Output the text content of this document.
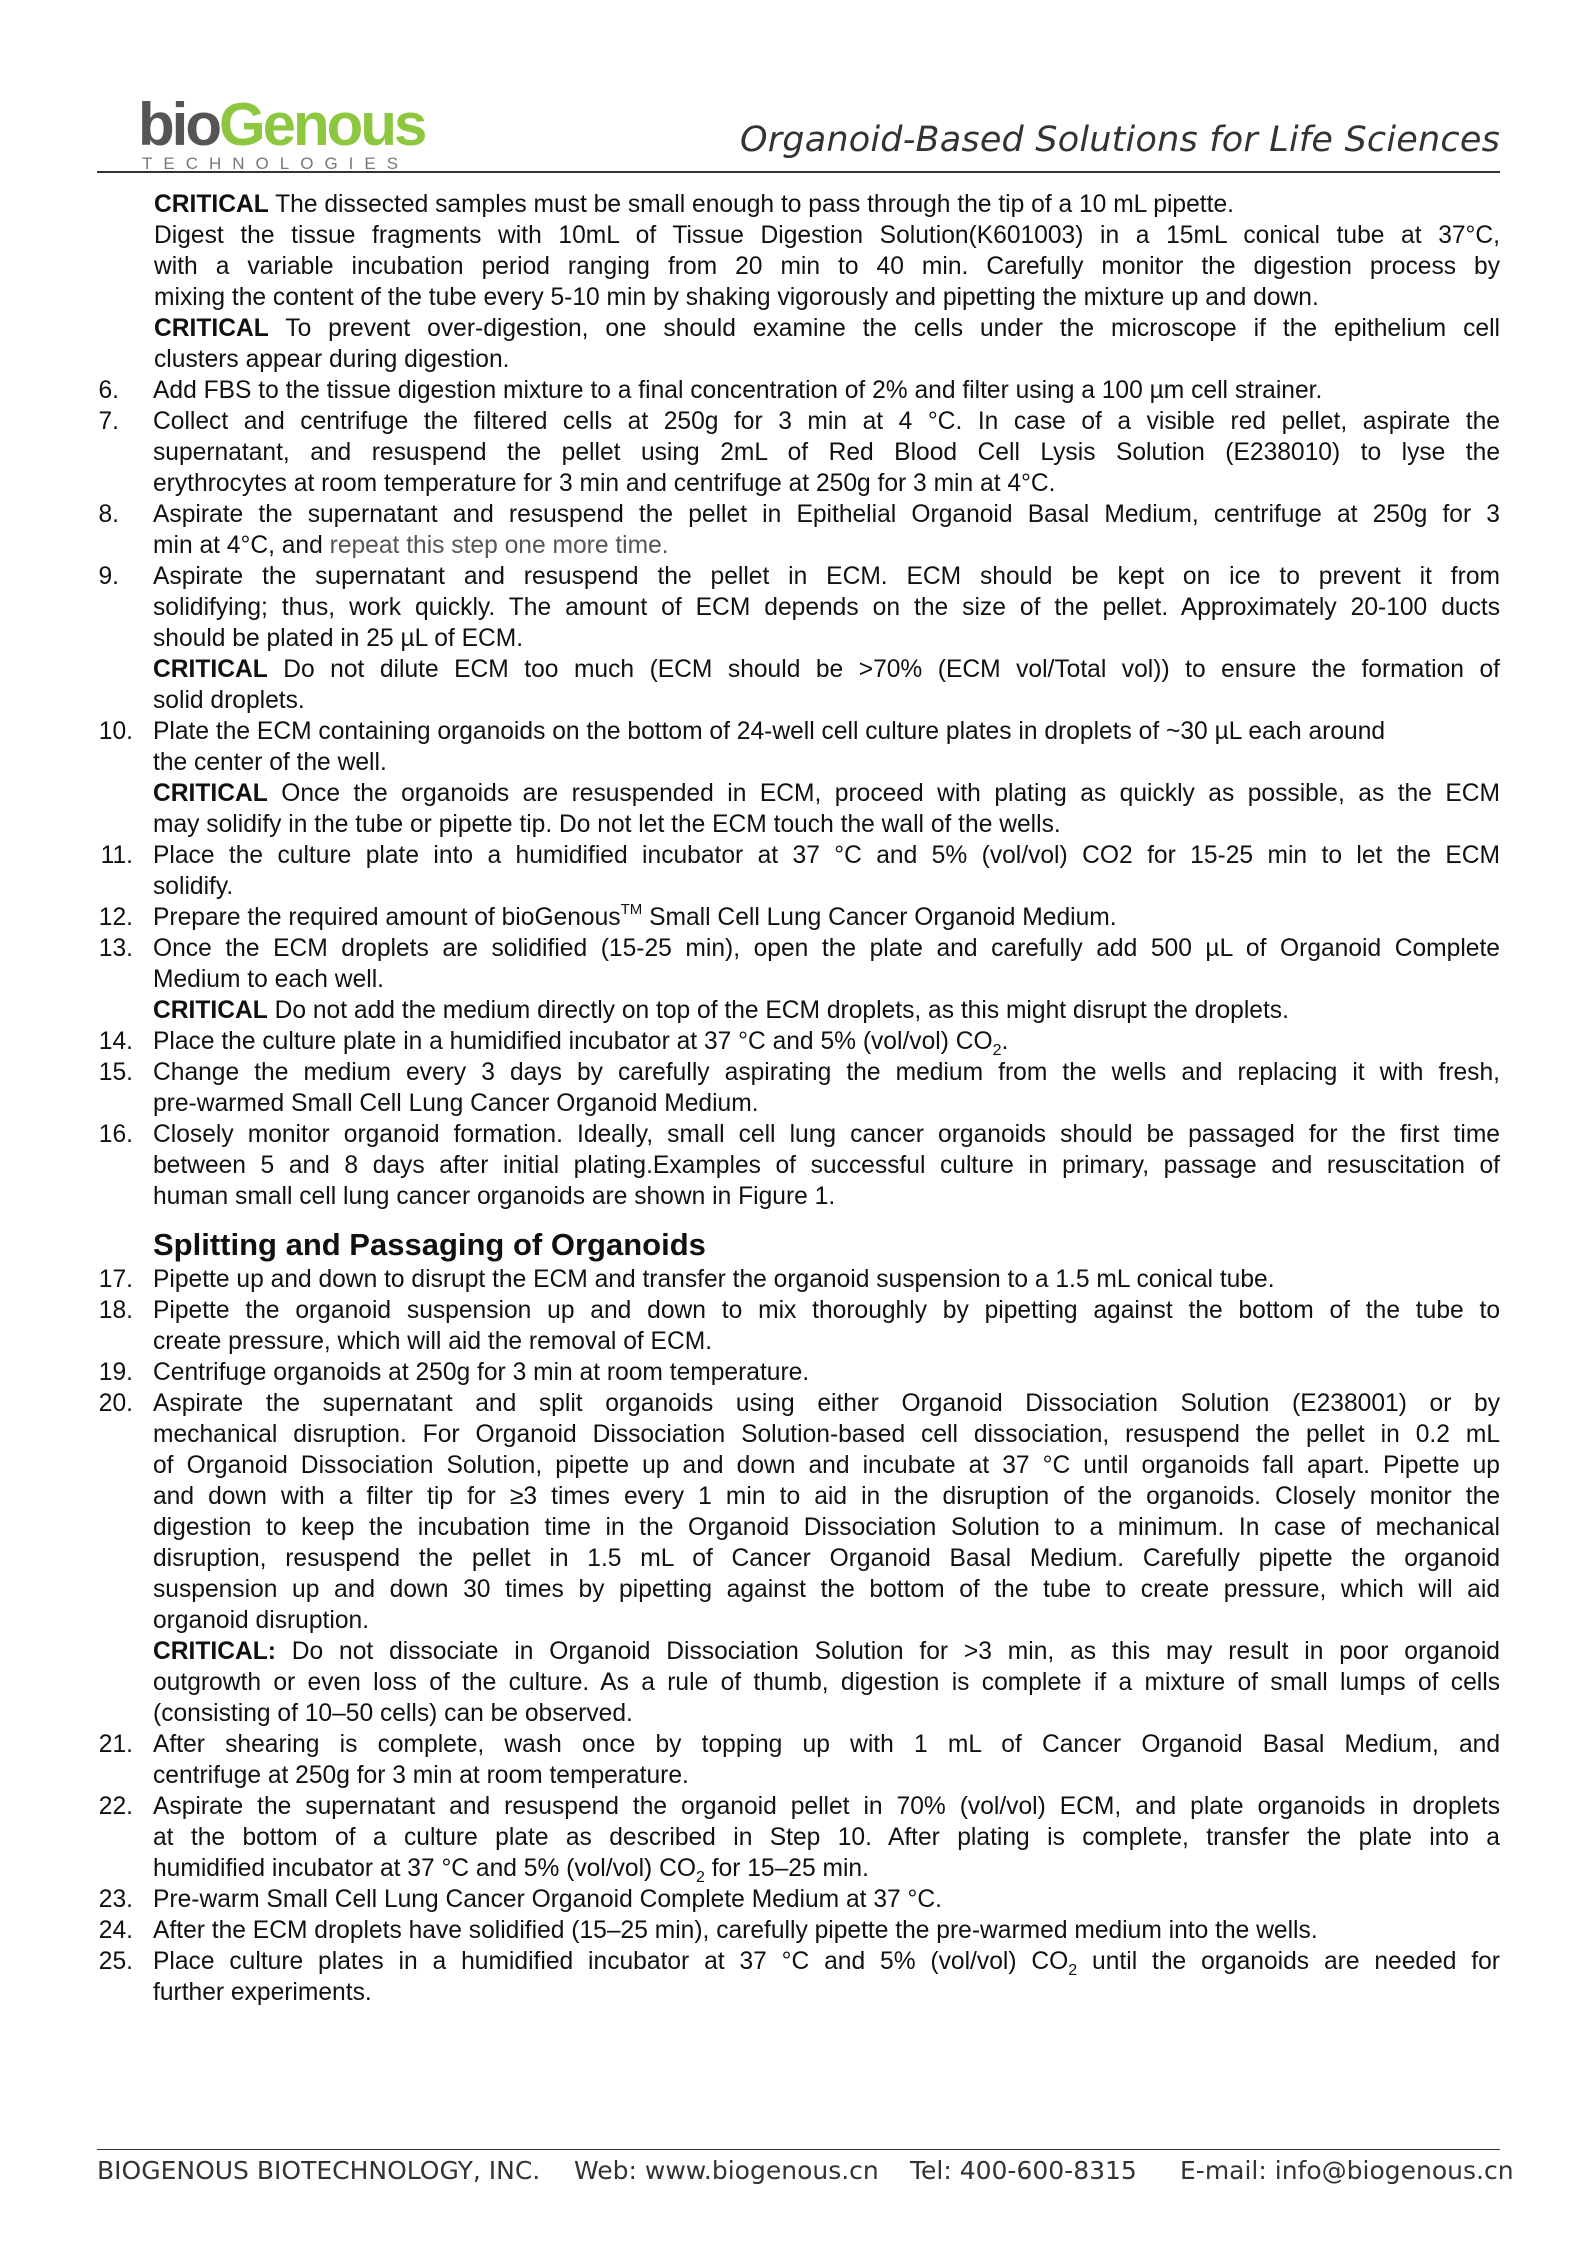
bioGenous
TECHNOLOGIES
Organoid-Based Solutions for Life Sciences
CRITICAL The dissected samples must be small enough to pass through the tip of a 10 mL pipette.
Digest the tissue fragments with 10mL of Tissue Digestion Solution(K601003) in a 15mL conical tube at 37°C,
with a variable incubation period ranging from 20 min to 40 min. Carefully monitor the digestion process by
mixing the content of the tube every 5-10 min by shaking vigorously and pipetting the mixture up and down.
CRITICAL To prevent over-digestion, one should examine the cells under the microscope if the epithelium cell
clusters appear during digestion.
6. Add FBS to the tissue digestion mixture to a final concentration of 2% and filter using a 100 µm cell strainer.
7. Collect and centrifuge the filtered cells at 250g for 3 min at 4 °C. In case of a visible red pellet, aspirate the
supernatant, and resuspend the pellet using 2mL of Red Blood Cell Lysis Solution (E238010) to lyse the
erythrocytes at room temperature for 3 min and centrifuge at 250g for 3 min at 4°C.
8. Aspirate the supernatant and resuspend the pellet in Epithelial Organoid Basal Medium, centrifuge at 250g for 3
min at 4°C, and repeat this step one more time.
9. Aspirate the supernatant and resuspend the pellet in ECM. ECM should be kept on ice to prevent it from
solidifying; thus, work quickly. The amount of ECM depends on the size of the pellet. Approximately 20-100 ducts
should be plated in 25 µL of ECM.
CRITICAL Do not dilute ECM too much (ECM should be >70% (ECM vol/Total vol)) to ensure the formation of
solid droplets.
10. Plate the ECM containing organoids on the bottom of 24-well cell culture plates in droplets of ~30 µL each around
the center of the well.
CRITICAL Once the organoids are resuspended in ECM, proceed with plating as quickly as possible, as the ECM
may solidify in the tube or pipette tip. Do not let the ECM touch the wall of the wells.
11. Place the culture plate into a humidified incubator at 37 °C and 5% (vol/vol) CO2 for 15-25 min to let the ECM
solidify.
12. Prepare the required amount of bioGenous™ Small Cell Lung Cancer Organoid Medium.
13. Once the ECM droplets are solidified (15-25 min), open the plate and carefully add 500 µL of Organoid Complete
Medium to each well.
CRITICAL Do not add the medium directly on top of the ECM droplets, as this might disrupt the droplets.
14. Place the culture plate in a humidified incubator at 37 °C and 5% (vol/vol) $CO_2$.
15. Change the medium every 3 days by carefully aspirating the medium from the wells and replacing it with fresh,
pre-warmed Small Cell Lung Cancer Organoid Medium.
16. Closely monitor organoid formation. Ideally, small cell lung cancer organoids should be passaged for the first time
between 5 and 8 days after initial plating.Examples of successful culture in primary, passage and resuscitation of
human small cell lung cancer organoids are shown in Figure 1.
Splitting and Passaging of Organoids
17. Pipette up and down to disrupt the ECM and transfer the organoid suspension to a 1.5 mL conical tube.
18. Pipette the organoid suspension up and down to mix thoroughly by pipetting against the bottom of the tube to
create pressure, which will aid the removal of ECM.
19. Centrifuge organoids at 250g for 3 min at room temperature.
20. Aspirate the supernatant and split organoids using either Organoid Dissociation Solution (E238001) or by
mechanical disruption. For Organoid Dissociation Solution-based cell dissociation, resuspend the pellet in 0.2 mL
of Organoid Dissociation Solution, pipette up and down and incubate at 37 °C until organoids fall apart. Pipette up
and down with a filter tip for ≥3 times every 1 min to aid in the disruption of the organoids. Closely monitor the
digestion to keep the incubation time in the Organoid Dissociation Solution to a minimum. In case of mechanical
disruption, resuspend the pellet in 1.5 mL of Cancer Organoid Basal Medium. Carefully pipette the organoid
suspension up and down 30 times by pipetting against the bottom of the tube to create pressure, which will aid
organoid disruption.
CRITICAL: Do not dissociate in Organoid Dissociation Solution for >3 min, as this may result in poor organoid
outgrowth or even loss of the culture. As a rule of thumb, digestion is complete if a mixture of small lumps of cells
(consisting of 10–50 cells) can be observed.
21. After shearing is complete, wash once by topping up with 1 mL of Cancer Organoid Basal Medium, and
centrifuge at 250g for 3 min at room temperature.
22. Aspirate the supernatant and resuspend the organoid pellet in 70% (vol/vol) ECM, and plate organoids in droplets
at the bottom of a culture plate as described in Step 10. After plating is complete, transfer the plate into a
humidified incubator at 37 °C and 5% (vol/vol) $CO_2$ for 15–25 min.
23. Pre-warm Small Cell Lung Cancer Organoid Complete Medium at 37 °C.
24. After the ECM droplets have solidified (15–25 min), carefully pipette the pre-warmed medium into the wells.
25. Place culture plates in a humidified incubator at 37 °C and 5% (vol/vol) $CO_2$ until the organoids are needed for
further experiments.
BIOGENOUS BIOTECHNOLOGY, INC. Web: www.biogenous.cn Tel: 400-600-8315 E-mail: info@biogenous.cn
